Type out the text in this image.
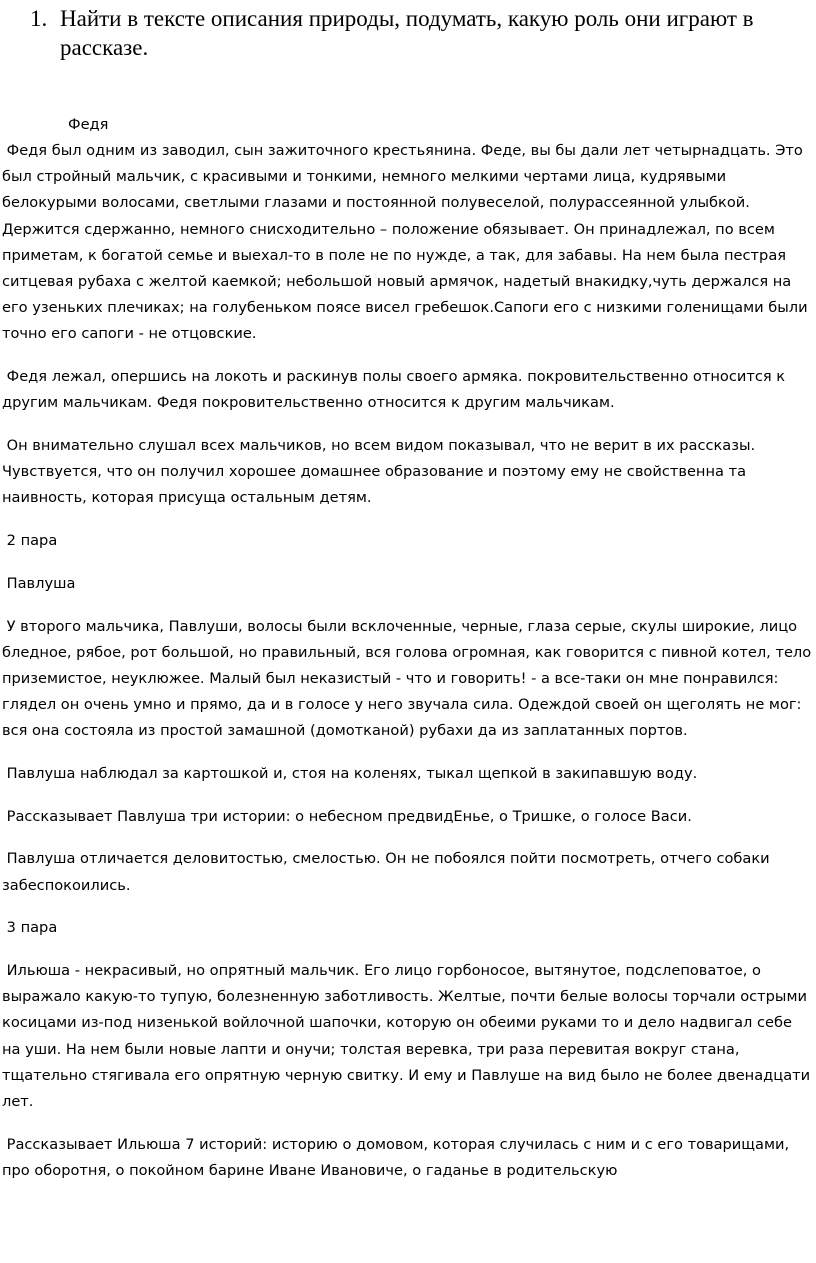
1. Найти в тексте описания природы, подумать, какую роль они играют в рассказе.
Федя

Федя был одним из заводил, сын зажиточного крестьянина. Феде, вы бы дали лет четырнадцать. Это был стройный мальчик, с красивыми и тонкими, немного мелкими чертами лица, кудрявыми белокурыми волосами, светлыми глазами и постоянной полувеселой, полурассеянной улыбкой. Держится сдержанно, немного снисходительно – положение обязывает. Он принадлежал, по всем приметам, к богатой семье и выехал-то в поле не по нужде, а так, для забавы. На нем была пестрая ситцевая рубаха с желтой каемкой; небольшой новый армячок, надетый внакидку,чуть держался на его узеньких плечиках; на голубеньком поясе висел гребешок.Сапоги его с низкими голенищами были точно его сапоги - не отцовские.

Федя лежал, опершись на локоть и раскинув полы своего армяка. покровительственно относится к другим мальчикам. Федя покровительственно относится к другим мальчикам.

Он внимательно слушал всех мальчиков, но всем видом показывал, что не верит в их рассказы. Чувствуется, что он получил хорошее домашнее образование и поэтому ему не свойственна та наивность, которая присуща остальным детям.

2 пара

Павлуша

У второго мальчика, Павлуши, волосы были всклоченные, черные, глаза серые, скулы широкие, лицо бледное, рябое, рот большой, но правильный, вся голова огромная, как говорится с пивной котел, тело приземистое, неуклюжее. Малый был неказистый - что и говорить! - а все-таки он мне понравился: глядел он очень умно и прямо, да и в голосе у него звучала сила. Одеждой своей он щеголять не мог: вся она состояла из простой замашной (домотканой) рубахи да из заплатанных портов.

Павлуша наблюдал за картошкой и, стоя на коленях, тыкал щепкой в закипавшую воду.

Рассказывает Павлуша три истории: о небесном предвидЕнье, о Тришке, о голосе Васи.

Павлуша отличается деловитостью, смелостью. Он не побоялся пойти посмотреть, отчего собаки забеспокоились.

3 пара

Ильюша - некрасивый, но опрятный мальчик. Его лицо горбоносое, вытянутое, подслеповатое, о выражало какую-то тупую, болезненную заботливость. Желтые, почти белые волосы торчали острыми косицами из-под низенькой войлочной шапочки, которую он обеими руками то и дело надвигал себе на уши. На нем были новые лапти и онучи; толстая веревка, три раза перевитая вокруг стана, тщательно стягивала его опрятную черную свитку. И ему и Павлуше на вид было не более двенадцати лет.

Рассказывает Ильюша 7 историй: историю о домовом, которая случилась с ним и с его товарищами, про оборотня, о покойном барине Иване Ивановиче, о гаданье в родительскую
